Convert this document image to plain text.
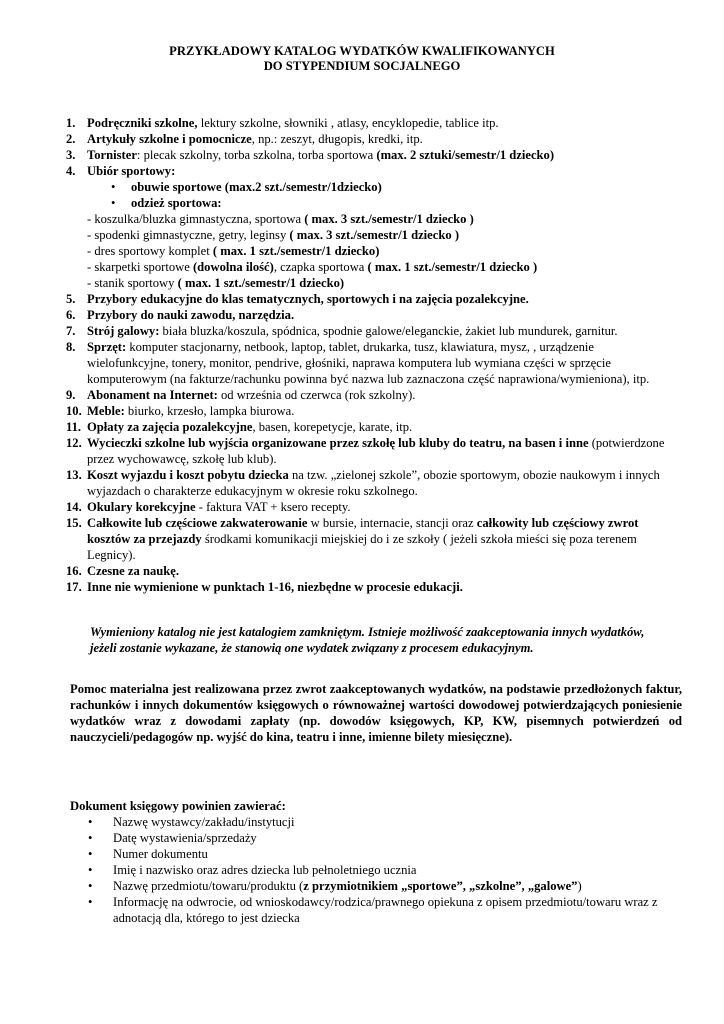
PRZYKŁADOWY KATALOG WYDATKÓW KWALIFIKOWANYCH
DO STYPENDIUM SOCJALNEGO
1. Podręczniki szkolne, lektury szkolne, słowniki , atlasy, encyklopedie, tablice itp.
2. Artykuły szkolne i pomocnicze, np.: zeszyt, długopis, kredki, itp.
3. Tornister: plecak szkolny, torba szkolna, torba sportowa (max. 2 sztuki/semestr/1 dziecko)
4. Ubiór sportowy:
•	obuwie sportowe (max.2 szt./semestr/1dziecko)
•	odzież sportowa:
- koszulka/bluzka gimnastyczna, sportowa ( max. 3 szt./semestr/1 dziecko )
- spodenki gimnastyczne, getry, leginsy ( max. 3 szt./semestr/1 dziecko )
- dres sportowy komplet ( max. 1 szt./semestr/1 dziecko)
- skarpetki sportowe (dowolna ilość), czapka sportowa ( max. 1 szt./semestr/1 dziecko )
- stanik sportowy ( max. 1 szt./semestr/1 dziecko)
5. Przybory edukacyjne do klas tematycznych, sportowych i na zajęcia pozalekcyjne.
6. Przybory do nauki zawodu, narzędzia.
7. Strój galowy: biała bluzka/koszula, spódnica, spodnie galowe/eleganckie, żakiet lub mundurek, garnitur.
8. Sprzęt: komputer stacjonarny, netbook, laptop, tablet, drukarka, tusz, klawiatura, mysz, , urządzenie wielofunkcyjne, tonery, monitor, pendrive, głośniki, naprawa komputera lub wymiana części w sprzęcie komputerowym (na fakturze/rachunku powinna być nazwa lub zaznaczona część naprawiona/wymieniona), itp.
9. Abonament na Internet: od września od czerwca (rok szkolny).
10. Meble: biurko, krzesło, lampka biurowa.
11. Opłaty za zajęcia pozalekcyjne, basen, korepetycje, karate, itp.
12. Wycieczki szkolne lub wyjścia organizowane przez szkołę lub kluby do teatru, na basen i inne (potwierdzone przez wychowawcę, szkołę lub klub).
13. Koszt wyjazdu i koszt pobytu dziecka na tzw. „zielonej szkole”, obozie sportowym, obozie naukowym i innych wyjazdach o charakterze edukacyjnym w okresie roku szkolnego.
14. Okulary korekcyjne - faktura VAT + ksero recepty.
15. Całkowite lub częściowe zakwaterowanie w bursie, internacie, stancji oraz całkowity lub częściowy zwrot kosztów za przejazdy środkami komunikacji miejskiej do i ze szkoły ( jeżeli szkoła mieści się poza terenem Legnicy).
16. Czesne za naukę.
17. Inne nie wymienione w punktach 1-16, niezbędne w procesie edukacji.
Wymieniony katalog nie jest katalogiem zamkniętym. Istnieje możliwość zaakceptowania innych wydatków, jeżeli zostanie wykazane, że stanowią one wydatek związany z procesem edukacyjnym.
Pomoc materialna jest realizowana przez zwrot zaakceptowanych wydatków, na podstawie przedłożonych faktur, rachunków i innych dokumentów księgowych o równoważnej wartości dowodowej potwierdzających poniesienie wydatków wraz z dowodami zapłaty (np. dowodów księgowych, KP, KW, pisemnych potwierdzeń od nauczycieli/pedagogów np. wyjść do kina, teatru i inne, imienne bilety miesięczne).
Dokument księgowy powinien zawierać:
• Nazwę wystawcy/zakładu/instytucji
• Datę wystawienia/sprzedaży
• Numer dokumentu
• Imię i nazwisko oraz adres dziecka lub pełnoletniego ucznia
• Nazwę przedmiotu/towaru/produktu (z przymiotnikiem „sportowe”, „szkolne”, „galowe”)
• Informację na odwrocie, od wnioskodawcy/rodzica/prawnego opiekuna z opisem przedmiotu/towaru wraz z adnotacją dla, którego to jest dziecka
